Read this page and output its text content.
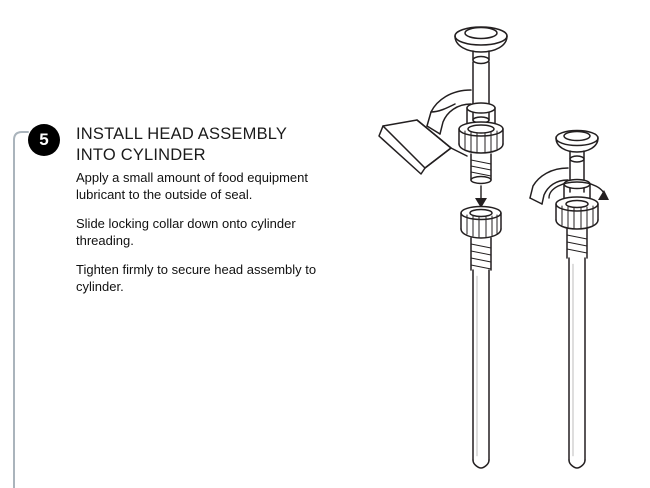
5	INSTALL HEAD ASSEMBLY
INTO CYLINDER

Apply a small amount of food equipment lubricant to the outside of seal.

Slide locking collar down onto cylinder threading.

Tighten firmly to secure head assembly to cylinder.
